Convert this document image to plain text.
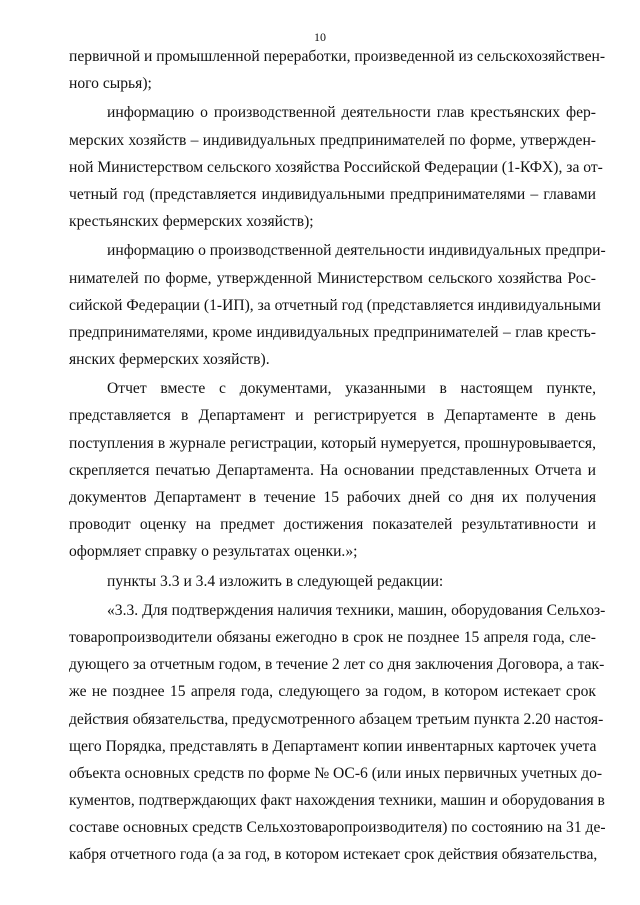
10
первичной и промышленной переработки, произведенной из сельскохозяйствен-
ного сырья);
информацию о производственной деятельности глав крестьянских фер-
мерских хозяйств – индивидуальных предпринимателей по форме, утвержден-
ной Министерством сельского хозяйства Российской Федерации (1-КФХ), за от-
четный год (представляется индивидуальными предпринимателями – главами
крестьянских фермерских хозяйств);
информацию о производственной деятельности индивидуальных предпри-
нимателей по форме, утвержденной Министерством сельского хозяйства Рос-
сийской Федерации (1-ИП), за отчетный год (представляется индивидуальными
предпринимателями, кроме индивидуальных предпринимателей – глав кресть-
янских фермерских хозяйств).
Отчет вместе с документами, указанными в настоящем пункте,
представляется в Департамент и регистрируется в Департаменте в день
поступления в журнале регистрации, который нумеруется, прошнуровывается,
скрепляется печатью Департамента. На основании представленных Отчета и
документов Департамент в течение 15 рабочих дней со дня их получения
проводит оценку на предмет достижения показателей результативности и
оформляет справку о результатах оценки.»;
пункты 3.3 и 3.4 изложить в следующей редакции:
«3.3. Для подтверждения наличия техники, машин, оборудования Сельхоз-
товаропроизводители обязаны ежегодно в срок не позднее 15 апреля года, сле-
дующего за отчетным годом, в течение 2 лет со дня заключения Договора, а так-
же не позднее 15 апреля года, следующего за годом, в котором истекает срок
действия обязательства, предусмотренного абзацем третьим пункта 2.20 настоя-
щего Порядка, представлять в Департамент копии инвентарных карточек учета
объекта основных средств по форме № ОС-6 (или иных первичных учетных до-
кументов, подтверждающих факт нахождения техники, машин и оборудования в
составе основных средств Сельхозтоваропроизводителя) по состоянию на 31 де-
кабря отчетного года (а за год, в котором истекает срок действия обязательства,
